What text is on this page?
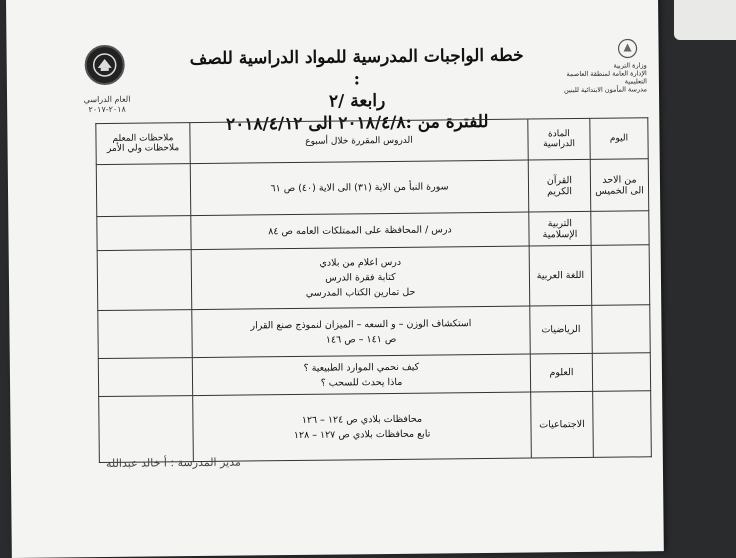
العام الدراسي
٢٠١٨-٢٠١٧
وزارة التربية
الإدارة العامة لمنطقة العاصمة التعليمية
مدرسة المأمون الابتدائية للبنين
خطه الواجبات المدرسية للمواد الدراسية للصف :
رابعة /٢
للفترة من :٢٠١٨/٤/٨ الى ٢٠١٨/٤/١٢
اليوم	المادة الدراسية	الدروس المقررة خلال أسبوع	ملاحظات المعلم ملاحظات ولي الأمر
من الاحد الى الخميس	القرآن الكريم	سورة النبأ من الاية (٣١) الى الاية (٤٠) ص ٦١	

	التربية الإسلامية	درس / المحافظة على الممتلكات العامه ص ٨٤	

	اللغة العربية	درس اعلام من بلادي
كتابة فقرة الدرس
حل تمارين الكتاب المدرسي	

	الرياضيات	استكشاف الوزن – و السعه – الميزان لنموذج صنع القرار
ص ١٤١ – ص ١٤٦	

	العلوم	كيف نحمي الموارد الطبيعية ؟
ماذا يحدث للسحب ؟	

	الاجتماعيات	محافظات بلادي ص ١٢٤ – ١٢٦
تابع محافظات بلادي ص ١٢٧ – ١٢٨	

مدير المدرسة : أ خالد عبدالله
